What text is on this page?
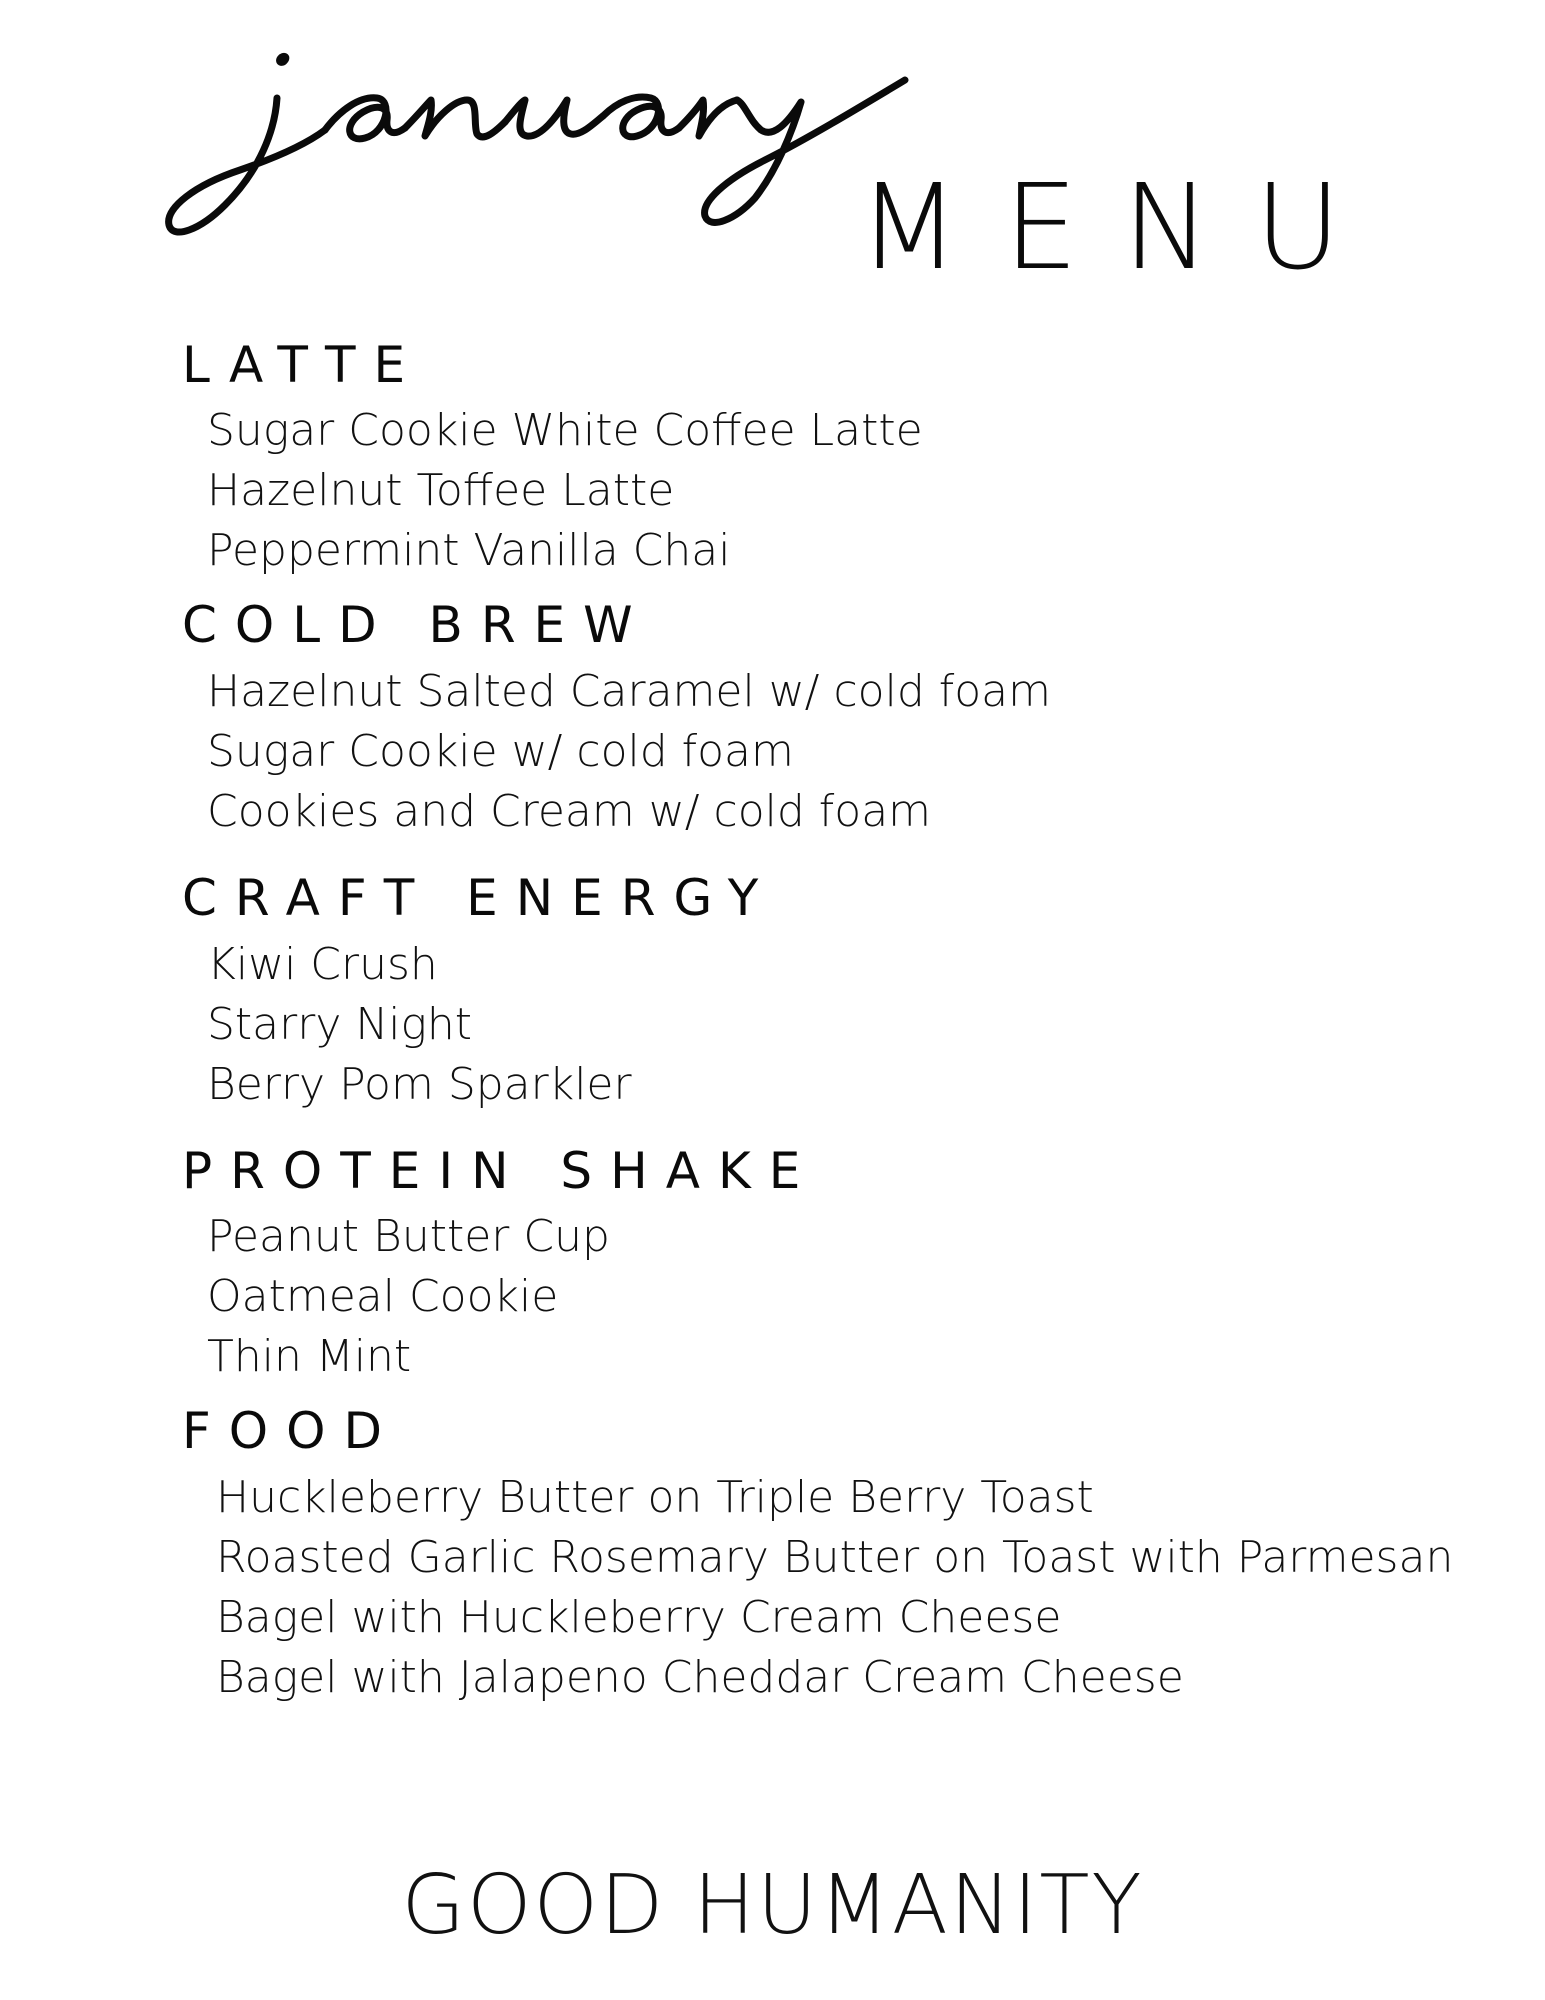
MENU
LATTE
Sugar Cookie White Coffee Latte
Hazelnut Toffee Latte
Peppermint Vanilla Chai
COLD BREW
Hazelnut Salted Caramel w/ cold foam
Sugar Cookie w/ cold foam
Cookies and Cream w/ cold foam
CRAFT ENERGY
Kiwi Crush
Starry Night
Berry Pom Sparkler
PROTEIN SHAKE
Peanut Butter Cup
Oatmeal Cookie
Thin Mint
FOOD
Huckleberry Butter on Triple Berry Toast
Roasted Garlic Rosemary Butter on Toast with Parmesan
Bagel with Huckleberry Cream Cheese
Bagel with Jalapeno Cheddar Cream Cheese
GOOD HUMANITY
